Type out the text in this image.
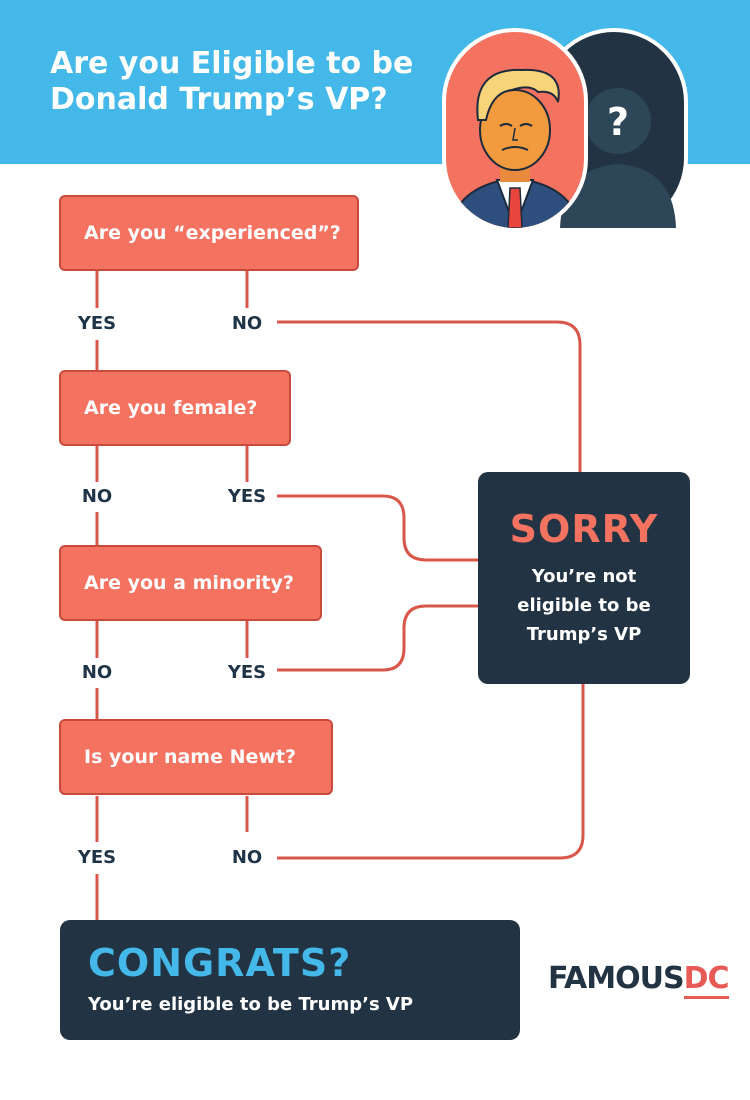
Are you Eligible to be
Donald Trump’s VP?
Are you “experienced”?
Are you female?
Are you a minority?
Is your name Newt?
YES	NO
NO	YES
NO	YES
YES	NO
SORRY
You’re not
eligible to be
Trump’s VP
CONGRATS?
You’re eligible to be Trump’s VP
FAMOUSDC
?
